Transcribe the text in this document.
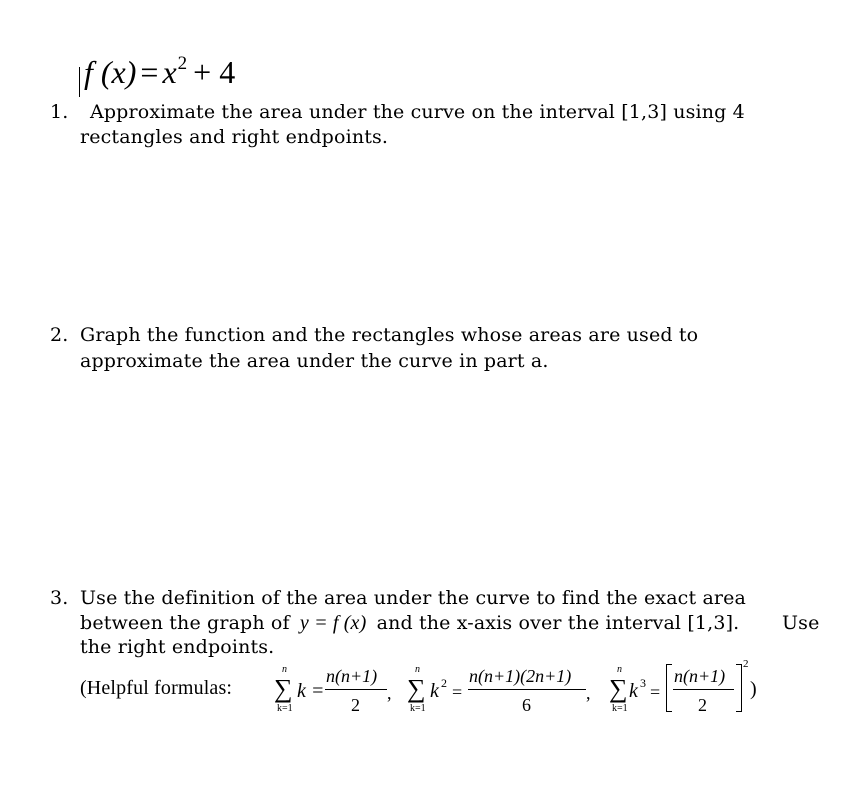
f $(x) = x^2 + 4$
1. Approximate the area under the curve on the interval [1,3] using 4
rectangles and right endpoints.
2. Graph the function and the rectangles whose areas are used to
approximate the area under the curve in part a.
3. Use the definition of the area under the curve to find the exact area
between the graph of y = f (x) and the x-axis over the interval [1,3]. Use
the right endpoints.
(Helpful formulas:
n
∑
k=1
k =
n(n+1)
2
,
n
∑
k=1
k 2 =
n(n+1)(2n+1)
6
,
n
∑
k=1
k 3 =
n(n+1)
2
2
)
